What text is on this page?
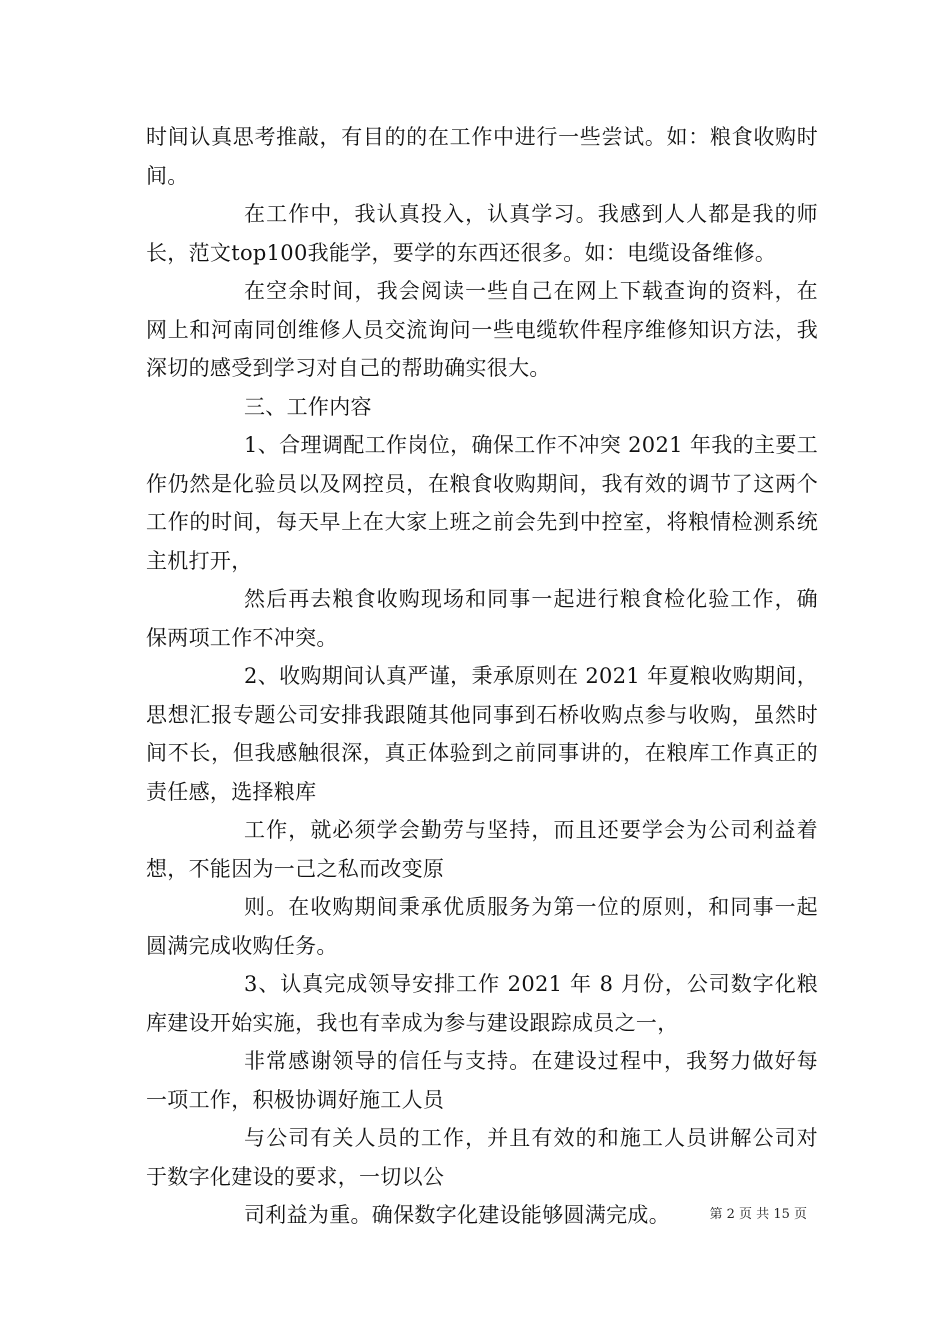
时间认真思考推敲，有目的的在工作中进行一些尝试。如：粮食收购时间。

在工作中，我认真投入，认真学习。我感到人人都是我的师长，范文top100我能学，要学的东西还很多。如：电缆设备维修。

在空余时间，我会阅读一些自己在网上下载查询的资料，在网上和河南同创维修人员交流询问一些电缆软件程序维修知识方法，我深切的感受到学习对自己的帮助确实很大。

三、工作内容

1、合理调配工作岗位，确保工作不冲突 2021 年我的主要工作仍然是化验员以及网控员，在粮食收购期间，我有效的调节了这两个工作的时间，每天早上在大家上班之前会先到中控室，将粮情检测系统主机打开，

然后再去粮食收购现场和同事一起进行粮食检化验工作，确保两项工作不冲突。

2、收购期间认真严谨，秉承原则在 2021 年夏粮收购期间，思想汇报专题公司安排我跟随其他同事到石桥收购点参与收购，虽然时间不长，但我感触很深，真正体验到之前同事讲的，在粮库工作真正的责任感，选择粮库

工作，就必须学会勤劳与坚持，而且还要学会为公司利益着想，不能因为一己之私而改变原

则。在收购期间秉承优质服务为第一位的原则，和同事一起圆满完成收购任务。

3、认真完成领导安排工作 2021 年 8 月份，公司数字化粮库建设开始实施，我也有幸成为参与建设跟踪成员之一，

非常感谢领导的信任与支持。在建设过程中，我努力做好每一项工作，积极协调好施工人员

与公司有关人员的工作，并且有效的和施工人员讲解公司对于数字化建设的要求，一切以公

司利益为重。确保数字化建设能够圆满完成。	第 2 页 共 15 页
